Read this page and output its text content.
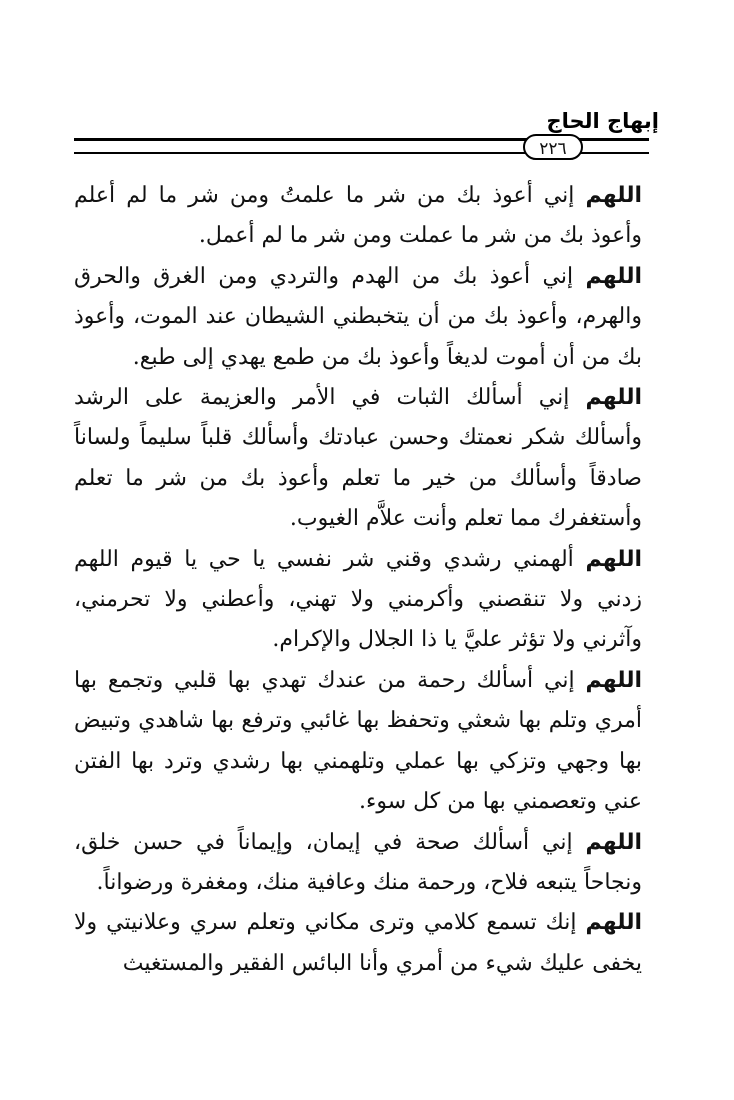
إبهاج الحاج
٢٢٦

اللهم إني أعوذ بك من شر ما علمتُ ومن شر ما لم أعلم وأعوذ بك من شر ما عملت ومن شر ما لم أعمل.

اللهم إني أعوذ بك من الهدم والتردي ومن الغرق والحرق والهرم، وأعوذ بك من أن يتخبطني الشيطان عند الموت، وأعوذ بك من أن أموت لديغاً وأعوذ بك من طمع يهدي إلى طبع.

اللهم إني أسألك الثبات في الأمر والعزيمة على الرشد وأسألك شكر نعمتك وحسن عبادتك وأسألك قلباً سليماً ولساناً صادقاً وأسألك من خير ما تعلم وأعوذ بك من شر ما تعلم وأستغفرك مما تعلم وأنت علاَّم الغيوب.

اللهم ألهمني رشدي وقني شر نفسي يا حي يا قيوم اللهم زدني ولا تنقصني وأكرمني ولا تهني، وأعطني ولا تحرمني، وآثرني ولا تؤثر عليَّ يا ذا الجلال والإكرام.

اللهم إني أسألك رحمة من عندك تهدي بها قلبي وتجمع بها أمري وتلم بها شعثي وتحفظ بها غائبي وترفع بها شاهدي وتبيض بها وجهي وتزكي بها عملي وتلهمني بها رشدي وترد بها الفتن عني وتعصمني بها من كل سوء.

اللهم إني أسألك صحة في إيمان، وإيماناً في حسن خلق، ونجاحاً يتبعه فلاح، ورحمة منك وعافية منك، ومغفرة ورضواناً.

اللهم إنك تسمع كلامي وترى مكاني وتعلم سري وعلانيتي ولا يخفى عليك شيء من أمري وأنا البائس الفقير والمستغيث
